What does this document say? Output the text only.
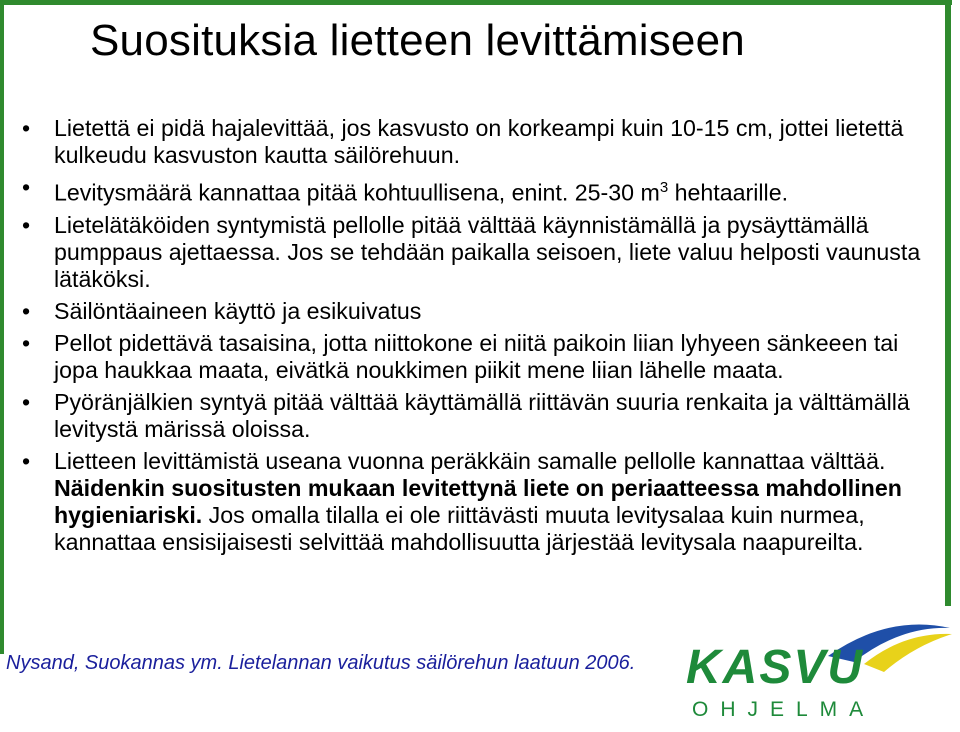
Suosituksia lietteen levittämiseen
•	Lietettä ei pidä hajalevittää, jos kasvusto on korkeampi kuin 10-15 cm, jottei lietettä kulkeudu kasvuston kautta säilörehuun.
•	Levitysmäärä kannattaa pitää kohtuullisena, enint. 25-30 $m^3$ hehtaarille.
•	Lietelätäköiden syntymistä pellolle pitää välttää käynnistämällä ja pysäyttämällä pumppaus ajettaessa. Jos se tehdään paikalla seisoen, liete valuu helposti vaunusta lätäköksi.
•	Säilöntäaineen käyttö ja esikuivatus
•	Pellot pidettävä tasaisina, jotta niittokone ei niitä paikoin liian lyhyeen sänkeeen tai jopa haukkaa maata, eivätkä noukkimen piikit mene liian lähelle maata.
•	Pyöränjälkien syntyä pitää välttää käyttämällä riittävän suuria renkaita ja välttämällä levitystä märissä oloissa.
•	Lietteen levittämistä useana vuonna peräkkäin samalle pellolle kannattaa välttää. Näidenkin suositusten mukaan levitettynä liete on periaatteessa mahdollinen hygieniariski. Jos omalla tilalla ei ole riittävästi muuta levitysalaa kuin nurmea, kannattaa ensisijaisesti selvittää mahdollisuutta järjestää levitysala naapureilta.
Nysand, Suokannas ym. Lietelannan vaikutus säilörehun laatuun 2006. KASVU
OHJELMA
